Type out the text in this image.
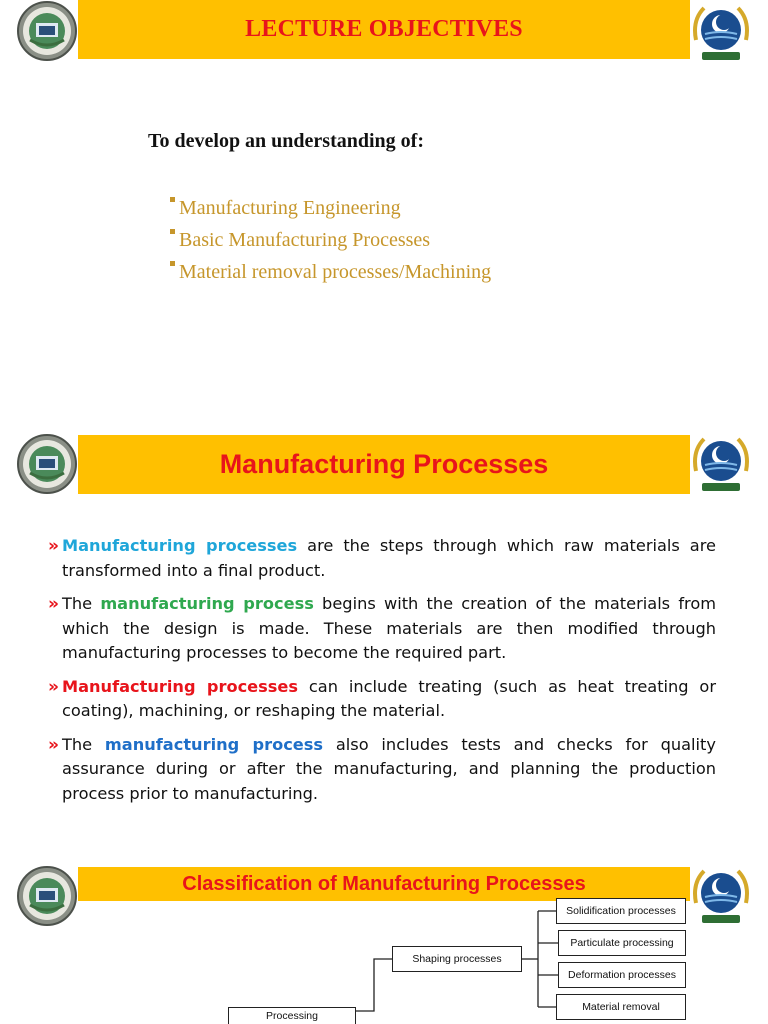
LECTURE OBJECTIVES

To develop an understanding of:

Manufacturing Engineering
Basic Manufacturing Processes
Material removal processes/Machining
Manufacturing Processes

» Manufacturing processes are the steps through which raw materials are transformed into a final product.

» The manufacturing process begins with the creation of the materials from which the design is made. These materials are then modified through manufacturing processes to become the required part.

» Manufacturing processes can include treating (such as heat treating or coating), machining, or reshaping the material.

» The manufacturing process also includes tests and checks for quality assurance during or after the manufacturing, and planning the production process prior to manufacturing.

Classification of Manufacturing Processes
Solidification processes
Particulate processing
Deformation processes
Material removal
Shaping processes
Processing
